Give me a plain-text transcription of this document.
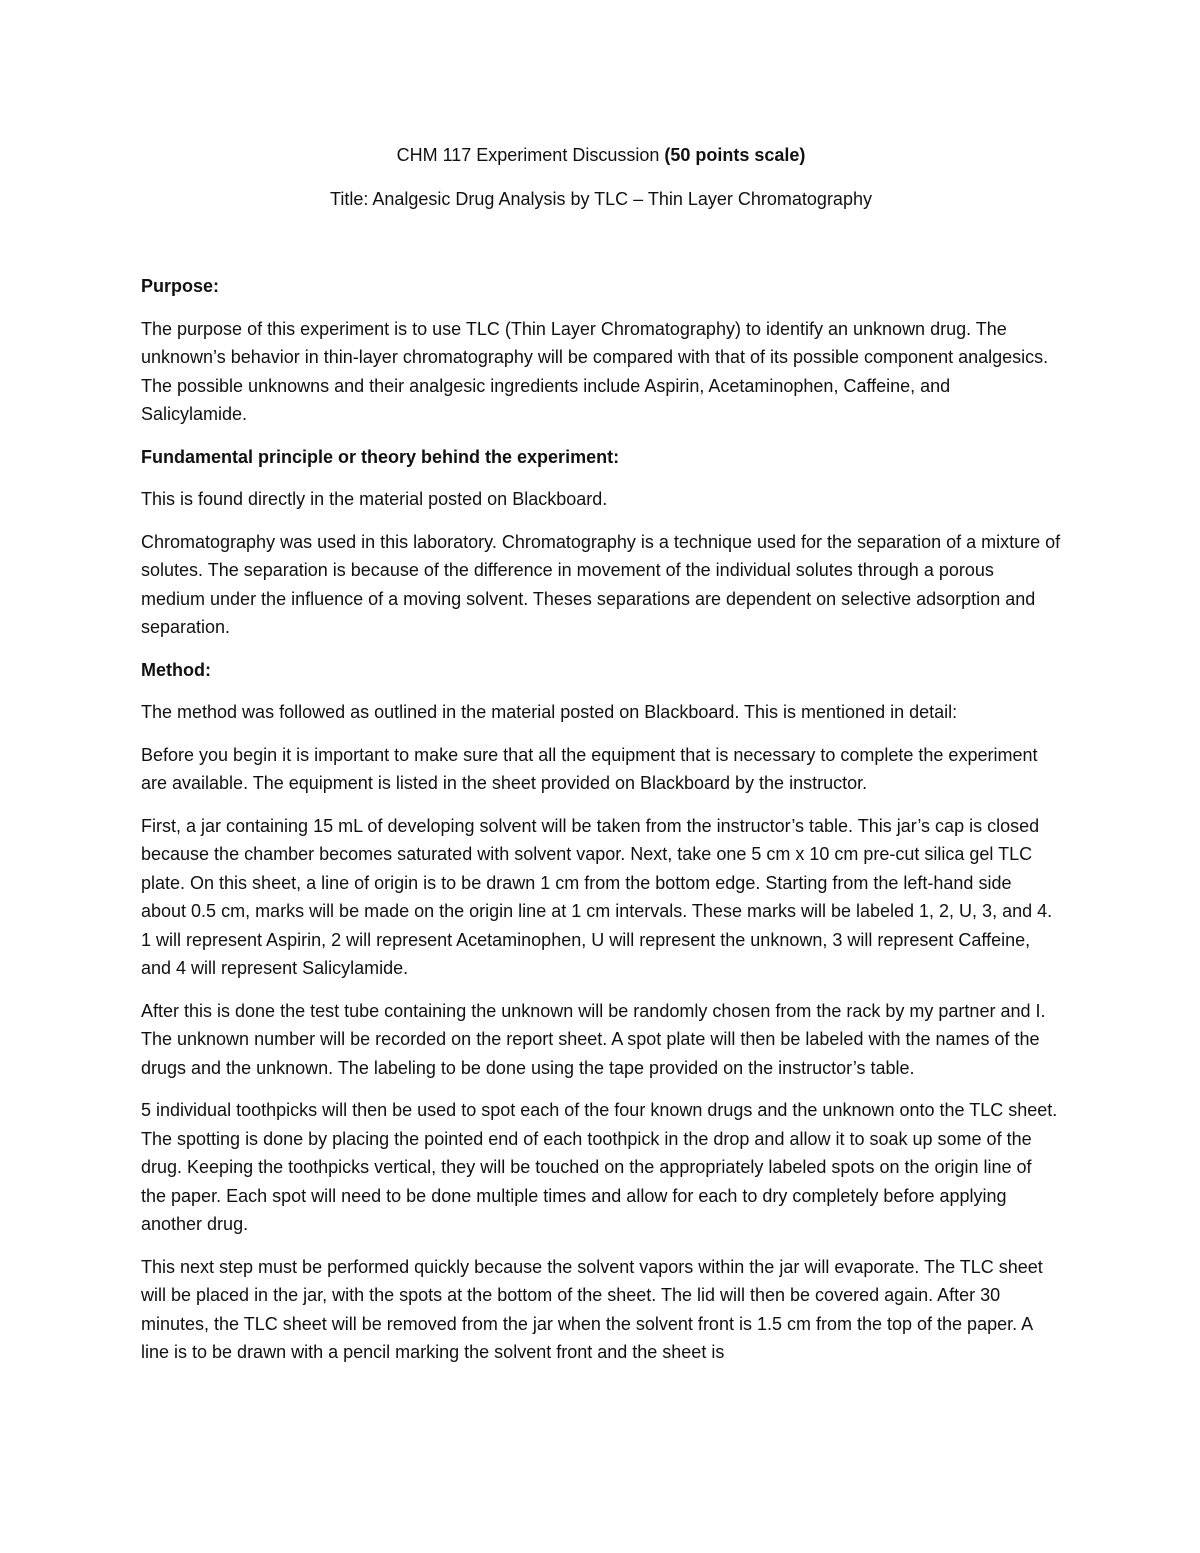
CHM 117 Experiment Discussion (50 points scale)
Title: Analgesic Drug Analysis by TLC – Thin Layer Chromatography
Purpose:

The purpose of this experiment is to use TLC (Thin Layer Chromatography) to identify an unknown drug. The unknown’s behavior in thin-layer chromatography will be compared with that of its possible component analgesics. The possible unknowns and their analgesic ingredients include Aspirin, Acetaminophen, Caffeine, and Salicylamide.

Fundamental principle or theory behind the experiment:

This is found directly in the material posted on Blackboard.

Chromatography was used in this laboratory. Chromatography is a technique used for the separation of a mixture of solutes. The separation is because of the difference in movement of the individual solutes through a porous medium under the influence of a moving solvent. Theses separations are dependent on selective adsorption and separation.

Method:

The method was followed as outlined in the material posted on Blackboard. This is mentioned in detail:

Before you begin it is important to make sure that all the equipment that is necessary to complete the experiment are available. The equipment is listed in the sheet provided on Blackboard by the instructor.

First, a jar containing 15 mL of developing solvent will be taken from the instructor’s table. This jar’s cap is closed because the chamber becomes saturated with solvent vapor. Next, take one 5 cm x 10 cm pre-cut silica gel TLC plate. On this sheet, a line of origin is to be drawn 1 cm from the bottom edge. Starting from the left-hand side about 0.5 cm, marks will be made on the origin line at 1 cm intervals. These marks will be labeled 1, 2, U, 3, and 4. 1 will represent Aspirin, 2 will represent Acetaminophen, U will represent the unknown, 3 will represent Caffeine, and 4 will represent Salicylamide.

After this is done the test tube containing the unknown will be randomly chosen from the rack by my partner and I. The unknown number will be recorded on the report sheet. A spot plate will then be labeled with the names of the drugs and the unknown. The labeling to be done using the tape provided on the instructor’s table.

5 individual toothpicks will then be used to spot each of the four known drugs and the unknown onto the TLC sheet. The spotting is done by placing the pointed end of each toothpick in the drop and allow it to soak up some of the drug. Keeping the toothpicks vertical, they will be touched on the appropriately labeled spots on the origin line of the paper. Each spot will need to be done multiple times and allow for each to dry completely before applying another drug.

This next step must be performed quickly because the solvent vapors within the jar will evaporate. The TLC sheet will be placed in the jar, with the spots at the bottom of the sheet. The lid will then be covered again. After 30 minutes, the TLC sheet will be removed from the jar when the solvent front is 1.5 cm from the top of the paper. A line is to be drawn with a pencil marking the solvent front and the sheet is
